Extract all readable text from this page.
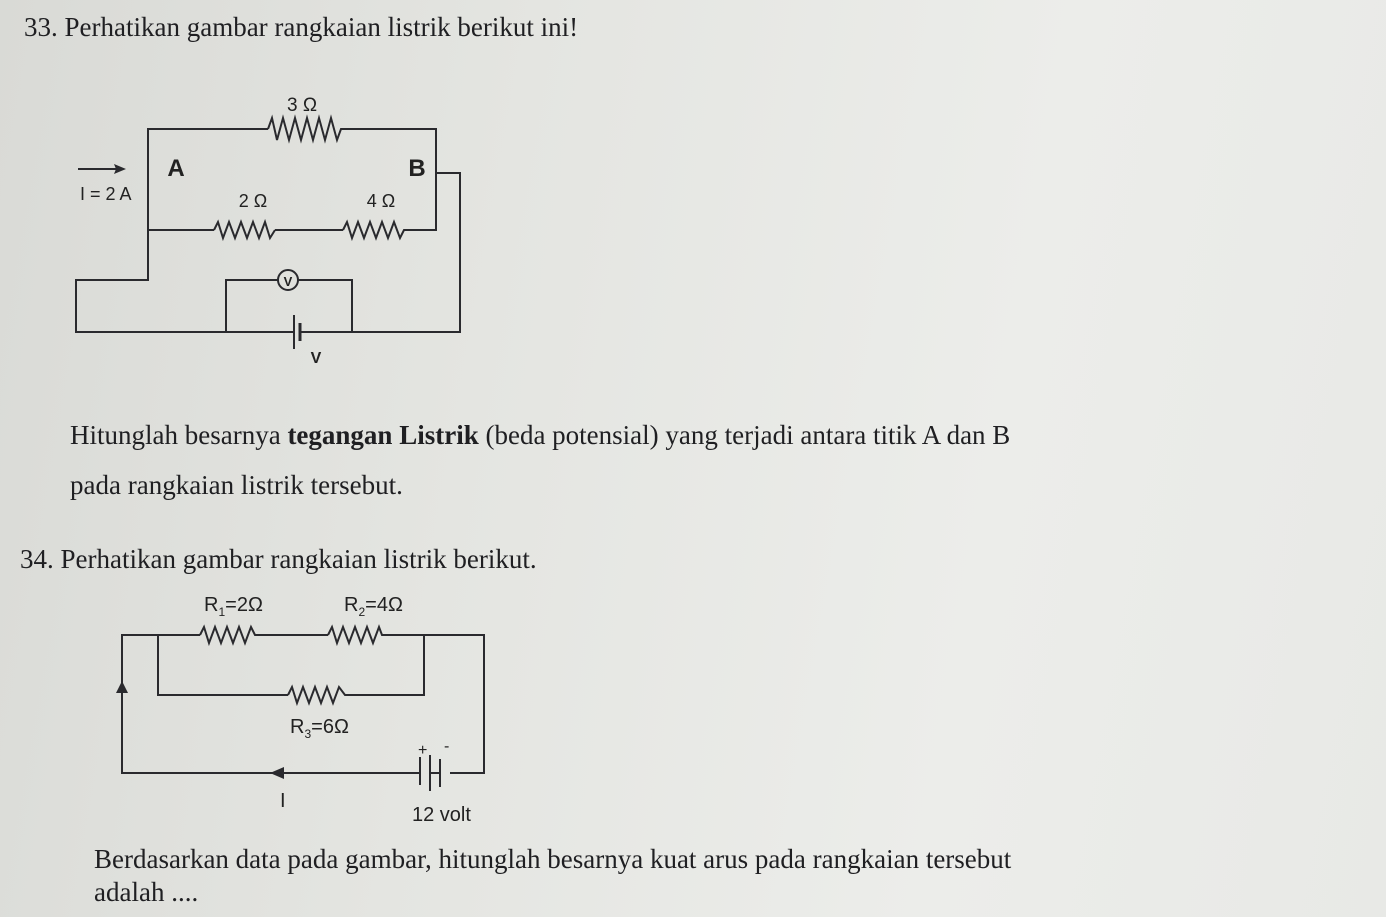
33. Perhatikan gambar rangkaian listrik berikut ini!
V
3 Ω
A	B
I = 2 A	2 Ω	4 Ω
V
Hitunglah besarnya tegangan Listrik (beda potensial) yang terjadi antara titik A dan B
pada rangkaian listrik tersebut.
34. Perhatikan gambar rangkaian listrik berikut.
$R_1=2\Omega$	$R_2=4\Omega$
$R_3=6\Omega$
+ -
I
12 volt
Berdasarkan data pada gambar, hitunglah besarnya kuat arus pada rangkaian tersebut
adalah ....
